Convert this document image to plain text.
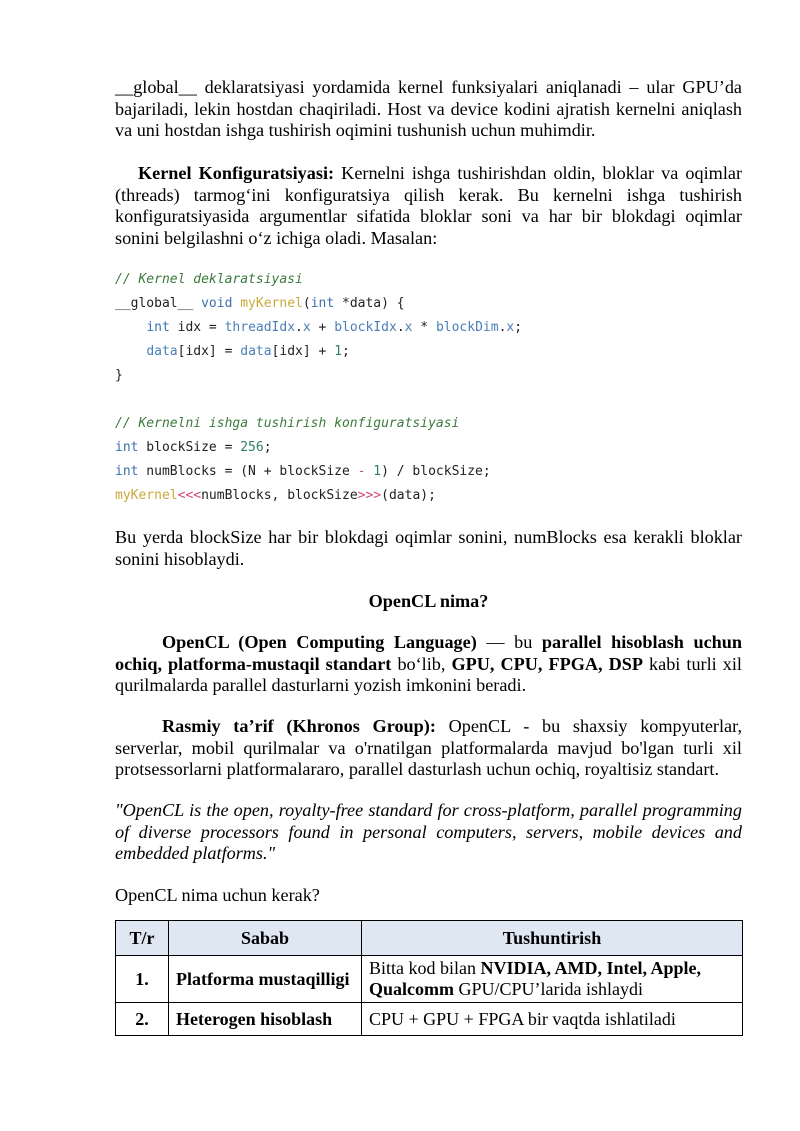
__global__ deklaratsiyasi yordamida kernel funksiyalari aniqlanadi – ular GPU’da bajariladi, lekin hostdan chaqiriladi. Host va device kodini ajratish kernelni aniqlash va uni hostdan ishga tushirish oqimini tushunish uchun muhimdir.

Kernel Konfiguratsiyasi: Kernelni ishga tushirishdan oldin, bloklar va oqimlar (threads) tarmog‘ini konfiguratsiya qilish kerak. Bu kernelni ishga tushirish konfiguratsiyasida argumentlar sifatida bloklar soni va har bir blokdagi oqimlar sonini belgilashni o‘z ichiga oladi. Masalan:

// Kernel deklaratsiyasi
__global__ void myKernel(int *data) {
int idx = threadIdx.x + blockIdx.x * blockDim.x;
data[idx] = data[idx] + 1;
}

// Kernelni ishga tushirish konfiguratsiyasi
int blockSize = 256;
int numBlocks = (N + blockSize - 1) / blockSize;
myKernel<<<numBlocks, blockSize>>>(data);

Bu yerda blockSize har bir blokdagi oqimlar sonini, numBlocks esa kerakli bloklar sonini hisoblaydi.

OpenCL nima?

OpenCL (Open Computing Language) — bu parallel hisoblash uchun ochiq, platforma-mustaqil standart bo‘lib, GPU, CPU, FPGA, DSP kabi turli xil qurilmalarda parallel dasturlarni yozish imkonini beradi.

Rasmiy ta’rif (Khronos Group): OpenCL - bu shaxsiy kompyuterlar, serverlar, mobil qurilmalar va o'rnatilgan platformalarda mavjud bo'lgan turli xil protsessorlarni platformalararo, parallel dasturlash uchun ochiq, royaltisiz standart.

"OpenCL is the open, royalty-free standard for cross-platform, parallel programming of diverse processors found in personal computers, servers, mobile devices and embedded platforms."

OpenCL nima uchun kerak?

T/r	Sabab	Tushuntirish
1.	Platforma mustaqilligi	Bitta kod bilan NVIDIA, AMD, Intel, Apple, Qualcomm GPU/CPU’larida ishlaydi
2.	Heterogen hisoblash	CPU + GPU + FPGA bir vaqtda ishlatiladi
